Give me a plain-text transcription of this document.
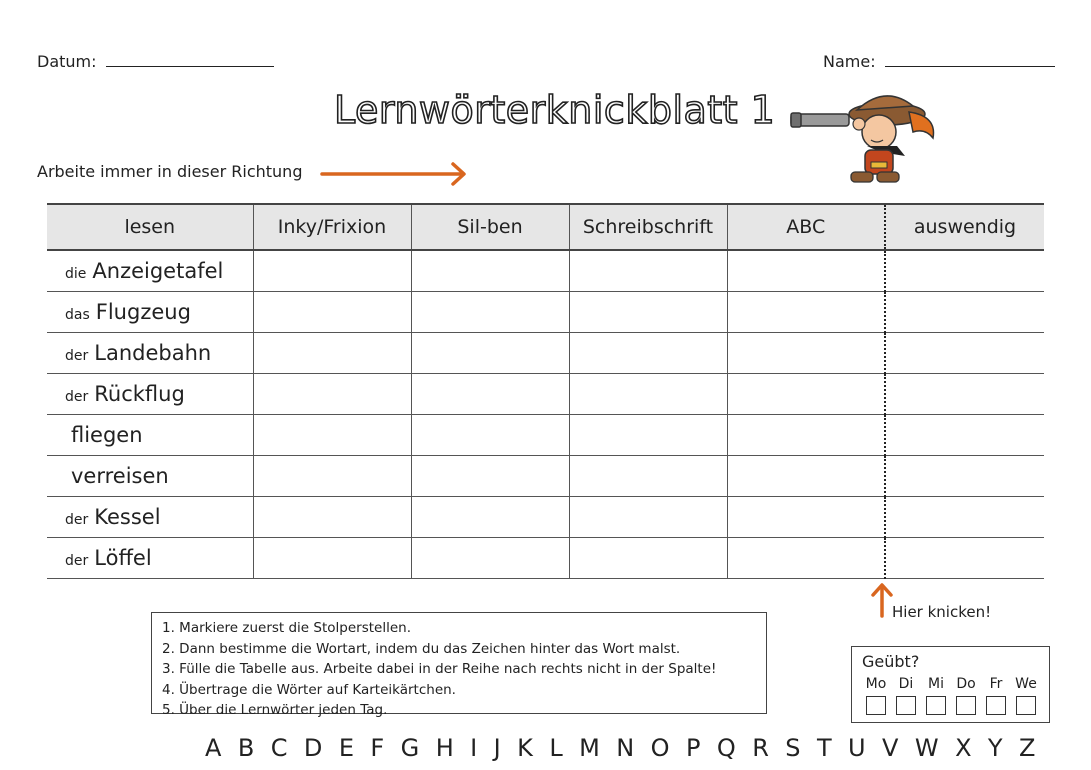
Datum:	Name:
Lernwörterknickblatt 1
Arbeite immer in dieser Richtung
lesen	Inky/Frixion	Sil-ben	Schreibschrift	ABC	auswendig
die Anzeigetafel					
das Flugzeug					
der Landebahn					
der Rückflug					
fliegen					
verreisen					
der Kessel					
der Löffel					
Hier knicken!
1. Markiere zuerst die Stolperstellen.
2. Dann bestimme die Wortart, indem du das Zeichen hinter das Wort malst.
3. Fülle die Tabelle aus. Arbeite dabei in der Reihe nach rechts nicht in der Spalte!
4. Übertrage die Wörter auf Karteikärtchen.
5. Über die Lernwörter jeden Tag.
Geübt?
Mo Di	Mi Do Fr We
A B C D E F G H I J K L M N O P Q R S T U V W X Y Z
